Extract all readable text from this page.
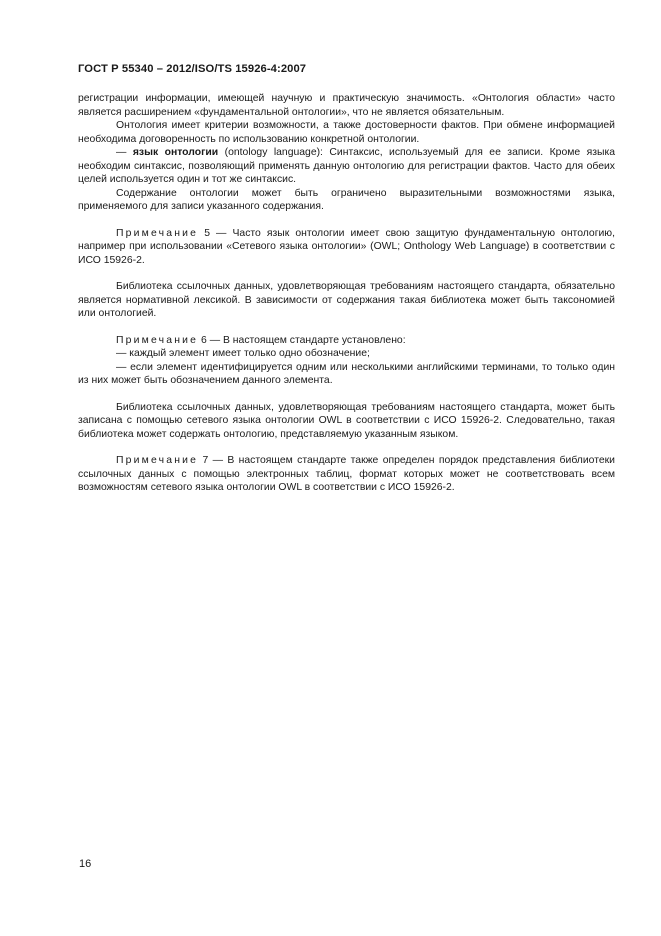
ГОСТ Р 55340 – 2012/ISO/TS 15926-4:2007

регистрации информации, имеющей научную и практическую значимость. «Онтология области» часто является расширением «фундаментальной онтологии», что не является обязательным.

Онтология имеет критерии возможности, а также достоверности фактов. При обмене информацией необходима договоренность по использованию конкретной онтологии.

— язык онтологии (ontology language): Синтаксис, используемый для ее записи. Кроме языка необходим синтаксис, позволяющий применять данную онтологию для регистрации фактов. Часто для обеих целей используется один и тот же синтаксис.

Содержание онтологии может быть ограничено выразительными возможностями языка, применяемого для записи указанного содержания.

Примечание 5 — Часто язык онтологии имеет свою защитую фундаментальную онтологию, например при использовании «Сетевого языка онтологии» (OWL; Onthology Web Language) в соответствии с ИСО 15926-2.

Библиотека ссылочных данных, удовлетворяющая требованиям настоящего стандарта, обязательно является нормативной лексикой. В зависимости от содержания такая библиотека может быть таксономией или онтологией.

Примечание 6 — В настоящем стандарте установлено:

— каждый элемент имеет только одно обозначение;

— если элемент идентифицируется одним или несколькими английскими терминами, то только один из них может быть обозначением данного элемента.

Библиотека ссылочных данных, удовлетворяющая требованиям настоящего стандарта, может быть записана с помощью сетевого языка онтологии OWL в соответствии с ИСО 15926-2. Следовательно, такая библиотека может содержать онтологию, представляемую указанным языком.

Примечание 7 — В настоящем стандарте также определен порядок представления библиотеки ссылочных данных с помощью электронных таблиц, формат которых может не соответствовать всем возможностям сетевого языка онтологии OWL в соответствии с ИСО 15926-2.

16
